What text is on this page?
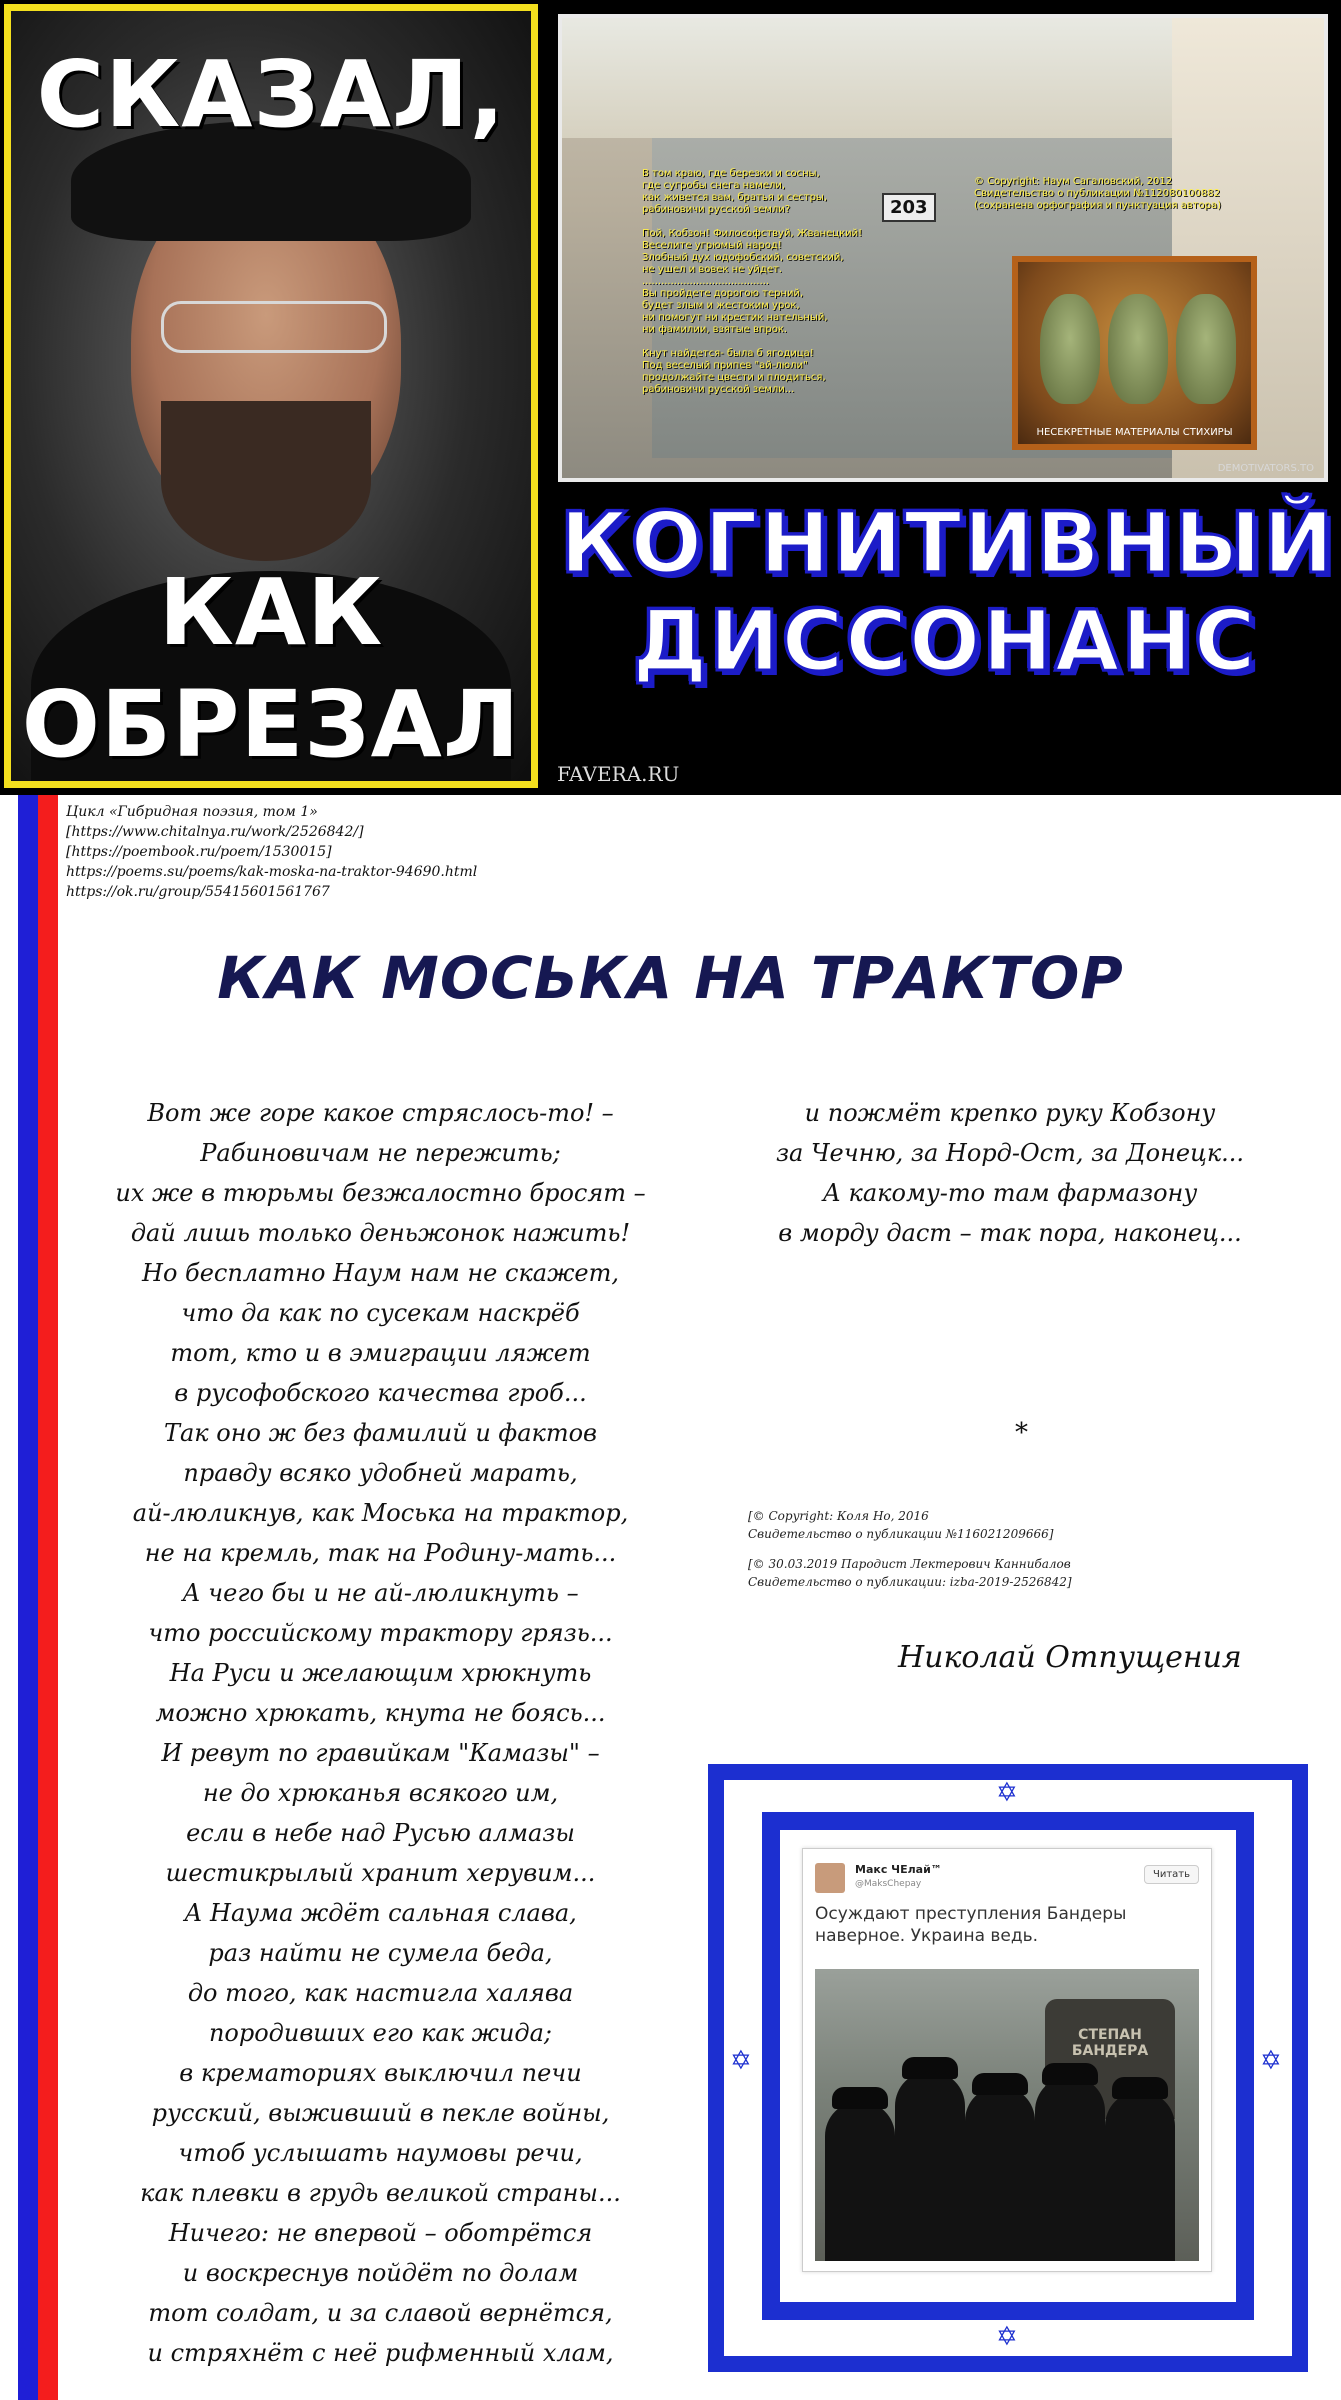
СКАЗАЛ,
КАК
ОБРЕЗАЛ
203
В том краю, где березки и сосны,
где сугробы снега намели,
как живется вам, братья и сестры,
рабиновичи русской земли?

Пой, Кобзон! Философствуй, Жванецкий!
Веселите угрюмый народ!
Злобный дух юдофобский, советский,
не ушел и вовек не уйдет.
........................................
Вы пройдете дорогою терний,
будет злым и жестоким урок,
ни помогут ни крестик нательный,
ни фамилии, взятые впрок.

Кнут найдется- была б ягодица!
Под веселый припев "ай-люли"
продолжайте цвести и плодиться,
рабиновичи русской земли...
© Copyright: Наум Сагаловский, 2012
Свидетельство о публикации №112080100882
(сохранена орфография и пунктуация автора)
НЕСЕКРЕТНЫЕ МАТЕРИАЛЫ СТИХИРЫ
DEMOTIVATORS.TO
КОГНИТИВНЫЙ
ДИССОНАНС
FAVERA.RU
Цикл «Гибридная поэзия, том 1»
[https://www.chitalnya.ru/work/2526842/]
[https://poembook.ru/poem/1530015]
https://poems.su/poems/kak-moska-na-traktor-94690.html
https://ok.ru/group/55415601561767
КАК МОСЬКА НА ТРАКТОР
Вот же горе какое стряслось-то! –
Рабиновичам не пережить;
их же в тюрьмы безжалостно бросят –
дай лишь только деньжонок нажить!
Но бесплатно Наум нам не скажет,
что да как по сусекам наскрёб
тот, кто и в эмиграции ляжет
в русофобского качества гроб...
Так оно ж без фамилий и фактов
правду всяко удобней марать,
ай-люликнув, как Моська на трактор,
не на кремль, так на Родину-мать...
А чего бы и не ай-люликнуть –
что российскому трактору грязь...
На Руси и желающим хрюкнуть
можно хрюкать, кнута не боясь...
И ревут по гравийкам "Камазы" –
не до хрюканья всякого им,
если в небе над Русью алмазы
шестикрылый хранит херувим...
А Наума ждёт сальная слава,
раз найти не сумела беда,
до того, как настигла халява
породивших его как жида;
в крематориях выключил печи
русский, выживший в пекле войны,
чтоб услышать наумовы речи,
как плевки в грудь великой страны...
Ничего: не впервой – оботрётся
и воскреснув пойдёт по долам
тот солдат, и за славой вернётся,
и стряхнёт с неё рифменный хлам,
и пожмёт крепко руку Кобзону
за Чечню, за Норд-Ост, за Донецк...
А какому-то там фармазону
в морду даст – так пора, наконец...
*
[© Copyright: Коля Но, 2016
Свидетельство о публикации №116021209666]
[© 30.03.2019 Пародист Лектерович Каннибалов
Свидетельство о публикации: izba-2019-2526842]
Николай Отпущения
✡
✡
✡	✡
Макс ЧЕлай™
@MaksChepay
Читать
Осуждают преступления Бандеры наверное. Украина ведь.
СТЕПАН
БАНДЕРА
